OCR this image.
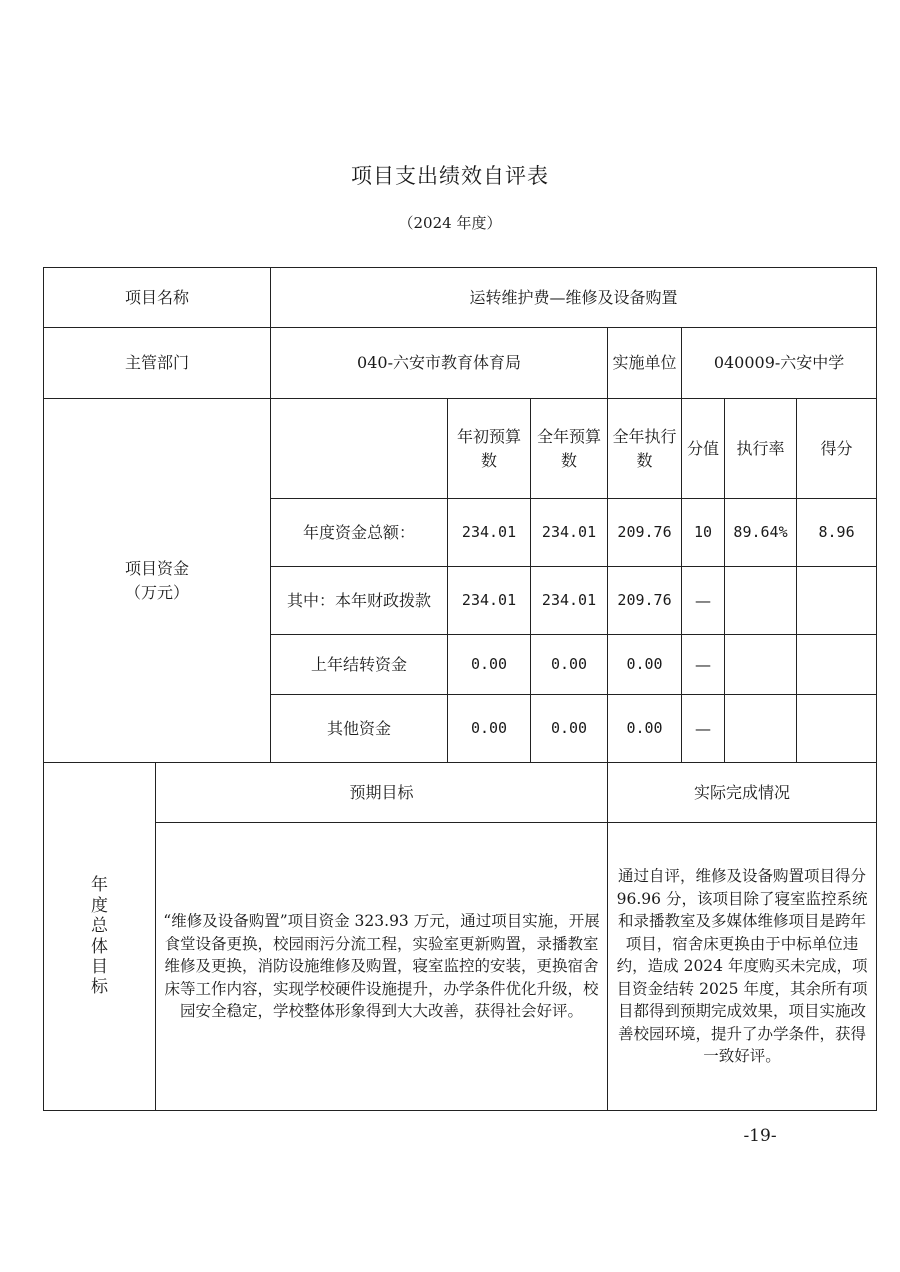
项目支出绩效自评表
（2024 年度）
项目名称		运转维护费—维修及设备购置						
主管部门		040-六安市教育体育局			实施单位	040009-六安中学		
项目资金
（万元）			年初预算数	全年预算数	全年执行数	分值	执行率	得分
		年度资金总额：	234.01	234.01	209.76	10	89.64%	8.96
		其中：本年财政拨款	234.01	234.01	209.76	—		
		上年结转资金	0.00	0.00	0.00	—		
		其他资金	0.00	0.00	0.00	—		

年度总体目标	预期目标				实际完成情况			
	“维修及设备购置”项目资金 323.93 万元，通过项目实施，开展食堂设备更换，校园雨污分流工程，实验室更新购置，录播教室维修及更换，消防设施维修及购置，寝室监控的安装，更换宿舍床等工作内容，实现学校硬件设施提升，办学条件优化升级，校园安全稳定，学校整体形象得到大大改善，获得社会好评。				通过自评，维修及设备购置项目得分 96.96 分，该项目除了寝室监控系统和录播教室及多媒体维修项目是跨年项目，宿舍床更换由于中标单位违约，造成 2024 年度购买未完成，项目资金结转 2025 年度，其余所有项目都得到预期完成效果，项目实施改善校园环境，提升了办学条件，获得一致好评。			
-19-
